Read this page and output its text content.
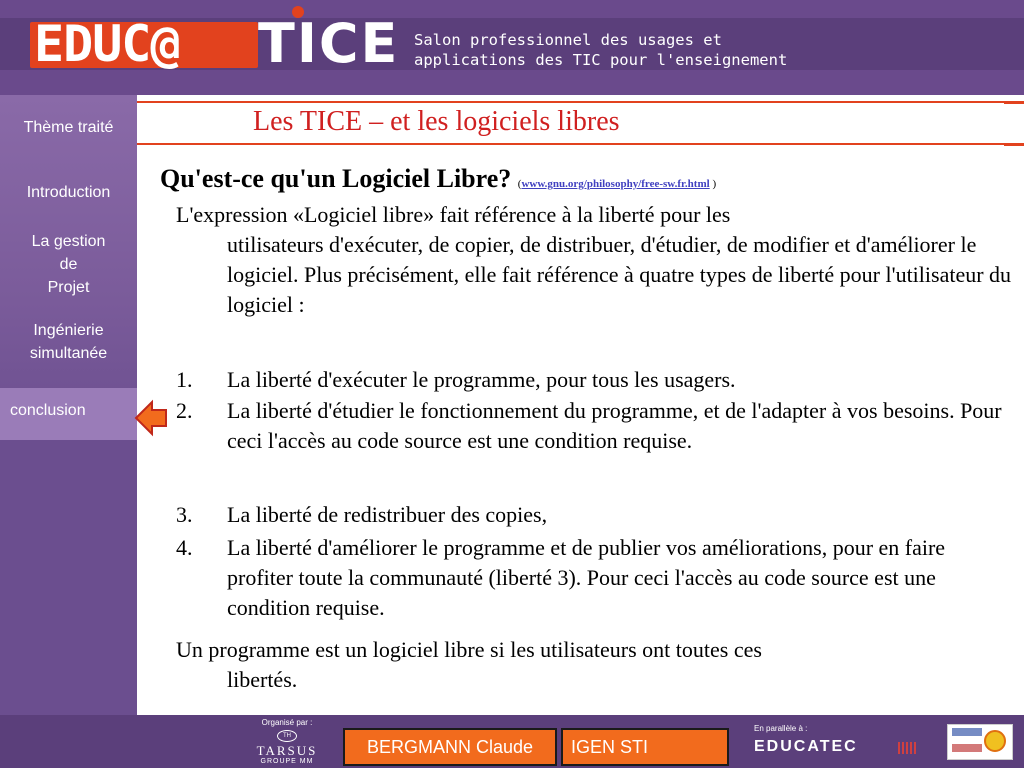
EDUC@ TICE Salon professionnel des usages et
applications des TIC pour l'enseignement
Thème traité
Introduction
La gestion
de
Projet
Ingénierie
simultanée
conclusion
Les TICE – et les logiciels libres
Qu'est-ce qu'un Logiciel Libre? (www.gnu.org/philosophy/free-sw.fr.html )
L'expression «Logiciel libre» fait référence à la liberté pour les
utilisateurs d'exécuter, de copier, de distribuer, d'étudier, de modifier et d'améliorer le logiciel. Plus précisément, elle fait référence à quatre types de liberté pour l'utilisateur du logiciel :
1.	La liberté d'exécuter le programme, pour tous les usagers.
2.	La liberté d'étudier le fonctionnement du programme, et de l'adapter à vos besoins. Pour ceci l'accès au code source est une condition requise.
3.	La liberté de redistribuer des copies,
4.	La liberté d'améliorer le programme et de publier vos améliorations, pour en faire profiter toute la communauté (liberté 3). Pour ceci l'accès au code source est une condition requise.
Un programme est un logiciel libre si les utilisateurs ont toutes ces
libertés.
Organisé par :
TH
TARSUS
GROUPE MM
BERGMANN Claude	IGEN STI
En parallèle à :
EDUCATEC
